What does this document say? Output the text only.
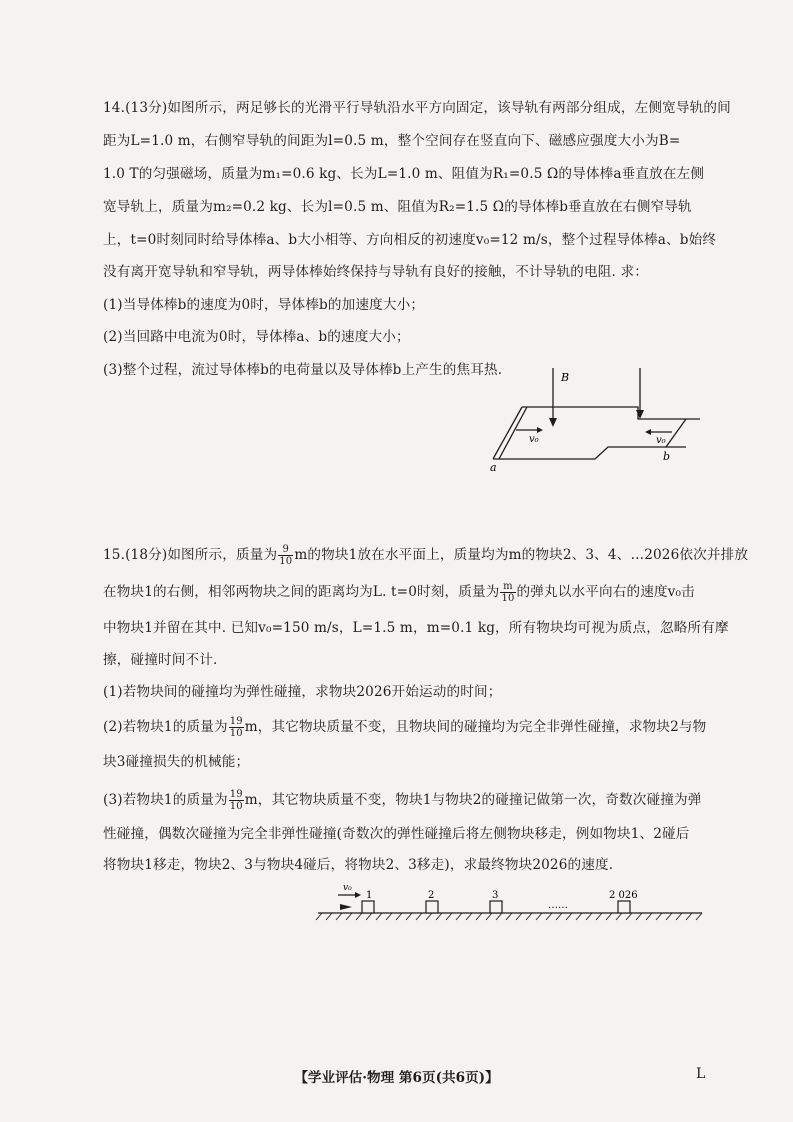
14.(13分)如图所示，两足够长的光滑平行导轨沿水平方向固定，该导轨有两部分组成，左侧宽导轨的间
距为L=1.0 m，右侧窄导轨的间距为l=0.5 m，整个空间存在竖直向下、磁感应强度大小为B=
1.0 T的匀强磁场，质量为m₁=0.6 kg、长为L=1.0 m、阻值为R₁=0.5 Ω的导体棒a垂直放在左侧
宽导轨上，质量为m₂=0.2 kg、长为l=0.5 m、阻值为R₂=1.5 Ω的导体棒b垂直放在右侧窄导轨
上，t=0时刻同时给导体棒a、b大小相等、方向相反的初速度v₀=12 m/s，整个过程导体棒a、b始终
没有离开宽导轨和窄导轨，两导体棒始终保持与导轨有良好的接触，不计导轨的电阻. 求：
(1)当导体棒b的速度为0时，导体棒b的加速度大小；
(2)当回路中电流为0时，导体棒a、b的速度大小；
(3)整个过程，流过导体棒b的电荷量以及导体棒b上产生的焦耳热.	B
v₀	v₀
a
b
15.(18分)如图所示，质量为 $\frac{9}{10}$ m的物块1放在水平面上，质量均为m的物块2、3、4、…2026依次并排放
在物块1的右侧，相邻两物块之间的距离均为L. t=0时刻，质量为 $\frac{m}{10}$ 的弹丸以水平向右的速度v₀击
中物块1并留在其中. 已知v₀=150 m/s，L=1.5 m，m=0.1 kg，所有物块均可视为质点，忽略所有摩
擦，碰撞时间不计.
(1)若物块间的碰撞均为弹性碰撞，求物块2026开始运动的时间；
(2)若物块1的质量为 $\frac{19}{10}$ m，其它物块质量不变，且物块间的碰撞均为完全非弹性碰撞，求物块2与物
块3碰撞损失的机械能；
(3)若物块1的质量为 $\frac{19}{10}$ m，其它物块质量不变，物块1与物块2的碰撞记做第一次，奇数次碰撞为弹
性碰撞，偶数次碰撞为完全非弹性碰撞(奇数次的弹性碰撞后将左侧物块移走，例如物块1、2碰后
将物块1移走，物块2、3与物块4碰后，将物块2、3移走)，求最终物块2026的速度.
v₀
1	2	3
……
2 026
【学业评估·物理 第6页(共6页)】	L
